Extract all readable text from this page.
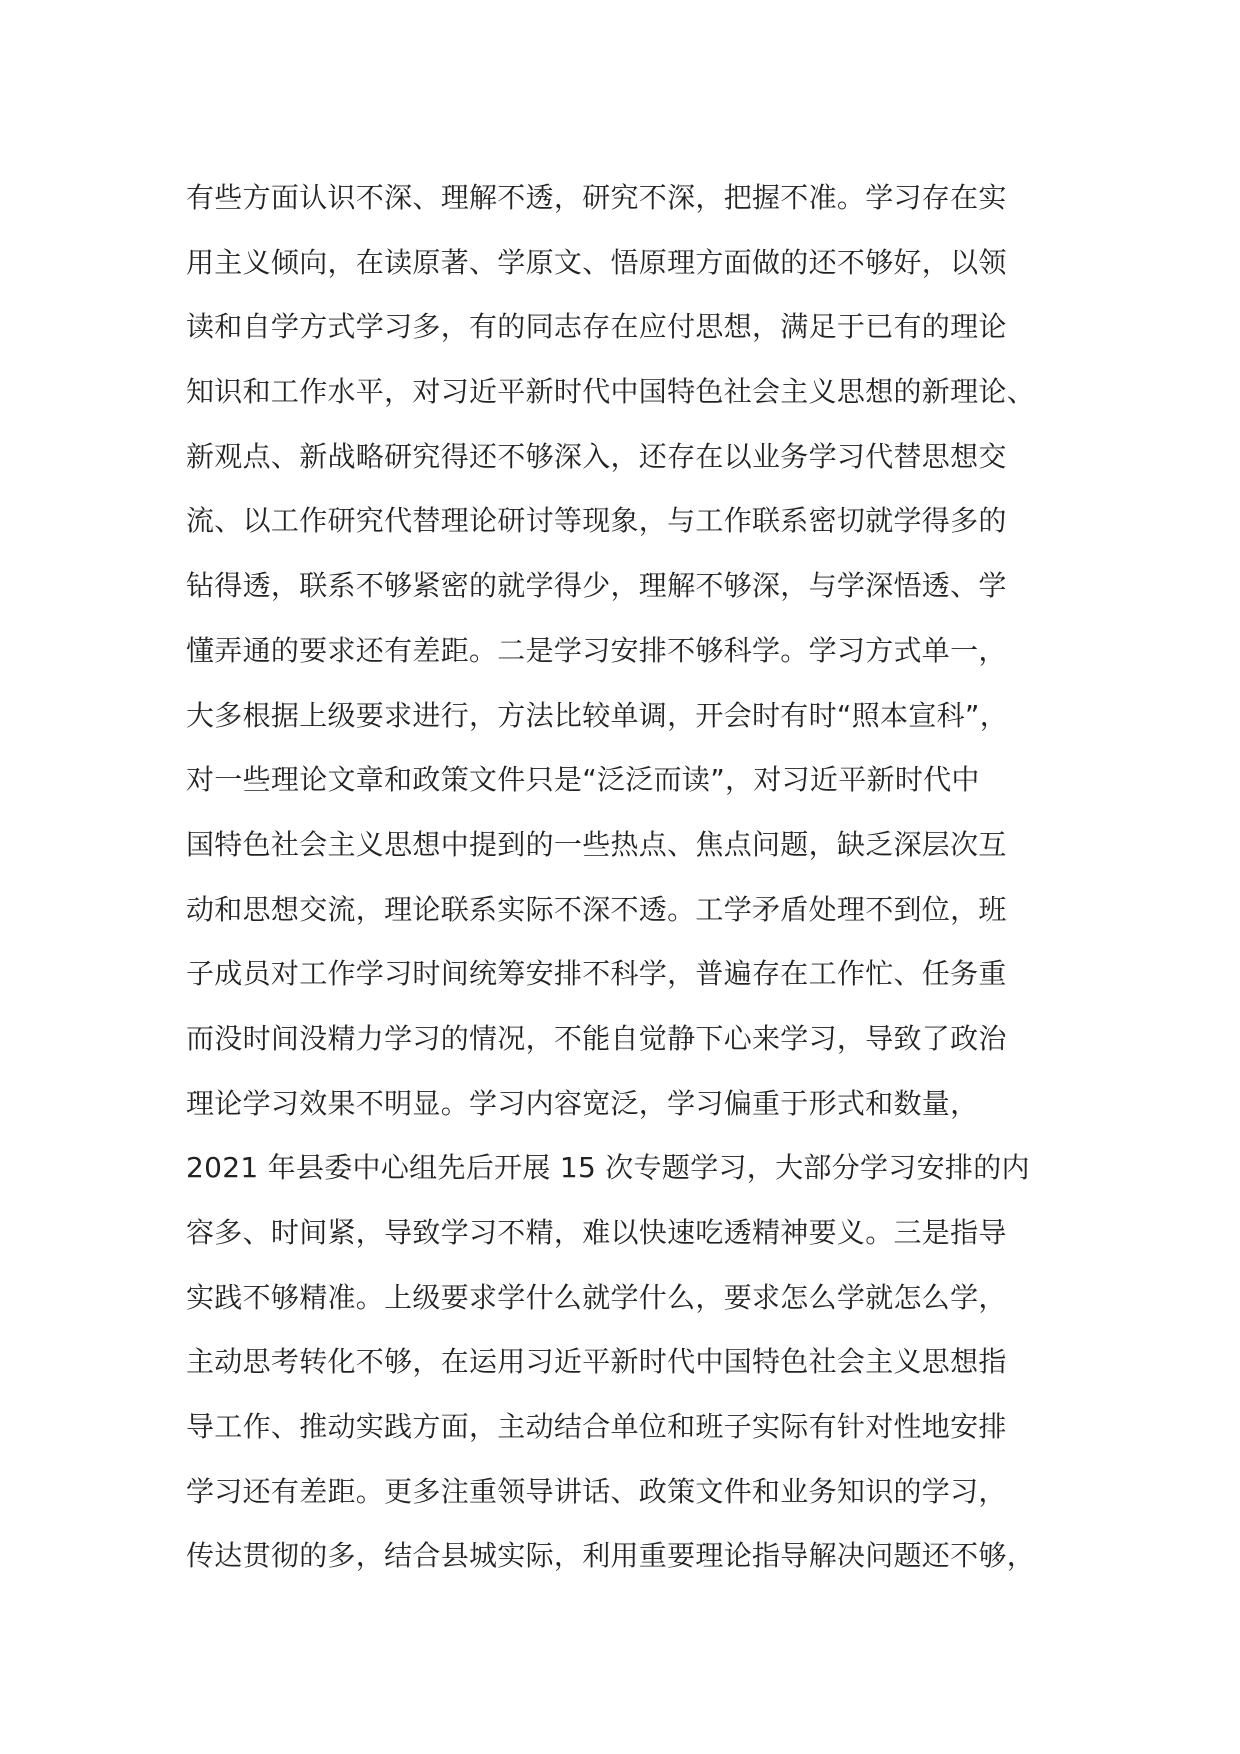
有些方面认识不深、理解不透，研究不深，把握不准。学习存在实
用主义倾向，在读原著、学原文、悟原理方面做的还不够好，以领
读和自学方式学习多，有的同志存在应付思想，满足于已有的理论
知识和工作水平，对习近平新时代中国特色社会主义思想的新理论、
新观点、新战略研究得还不够深入，还存在以业务学习代替思想交
流、以工作研究代替理论研讨等现象，与工作联系密切就学得多的
钻得透，联系不够紧密的就学得少，理解不够深，与学深悟透、学
懂弄通的要求还有差距。二是学习安排不够科学。学习方式单一，
大多根据上级要求进行，方法比较单调，开会时有时“照本宣科”，
对一些理论文章和政策文件只是“泛泛而读”，对习近平新时代中
国特色社会主义思想中提到的一些热点、焦点问题，缺乏深层次互
动和思想交流，理论联系实际不深不透。工学矛盾处理不到位，班
子成员对工作学习时间统筹安排不科学，普遍存在工作忙、任务重
而没时间没精力学习的情况，不能自觉静下心来学习，导致了政治
理论学习效果不明显。学习内容宽泛，学习偏重于形式和数量，
2021 年县委中心组先后开展 15 次专题学习，大部分学习安排的内
容多、时间紧，导致学习不精，难以快速吃透精神要义。三是指导
实践不够精准。上级要求学什么就学什么，要求怎么学就怎么学，
主动思考转化不够，在运用习近平新时代中国特色社会主义思想指
导工作、推动实践方面，主动结合单位和班子实际有针对性地安排
学习还有差距。更多注重领导讲话、政策文件和业务知识的学习，
传达贯彻的多，结合县城实际，利用重要理论指导解决问题还不够，
